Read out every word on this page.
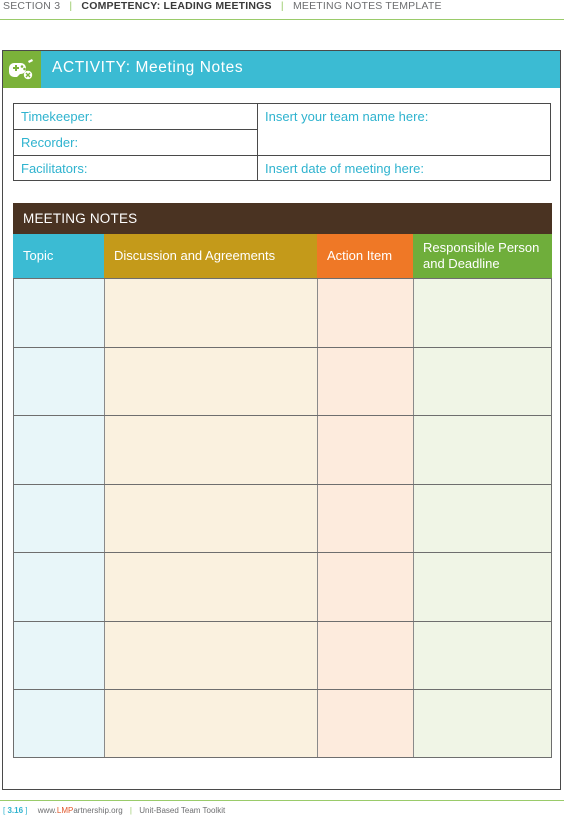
SECTION 3 | COMPETENCY: LEADING MEETINGS | MEETING NOTES TEMPLATE
ACTIVITY: Meeting Notes
Timekeeper:
Recorder:
Facilitators:
Insert your team name here:
Insert date of meeting here:
MEETING NOTES
Topic	Discussion and Agreements	Action Item
Responsible Person and Deadline
[ 3.16 ] www.LMPartnership.org | Unit-Based Team Toolkit
